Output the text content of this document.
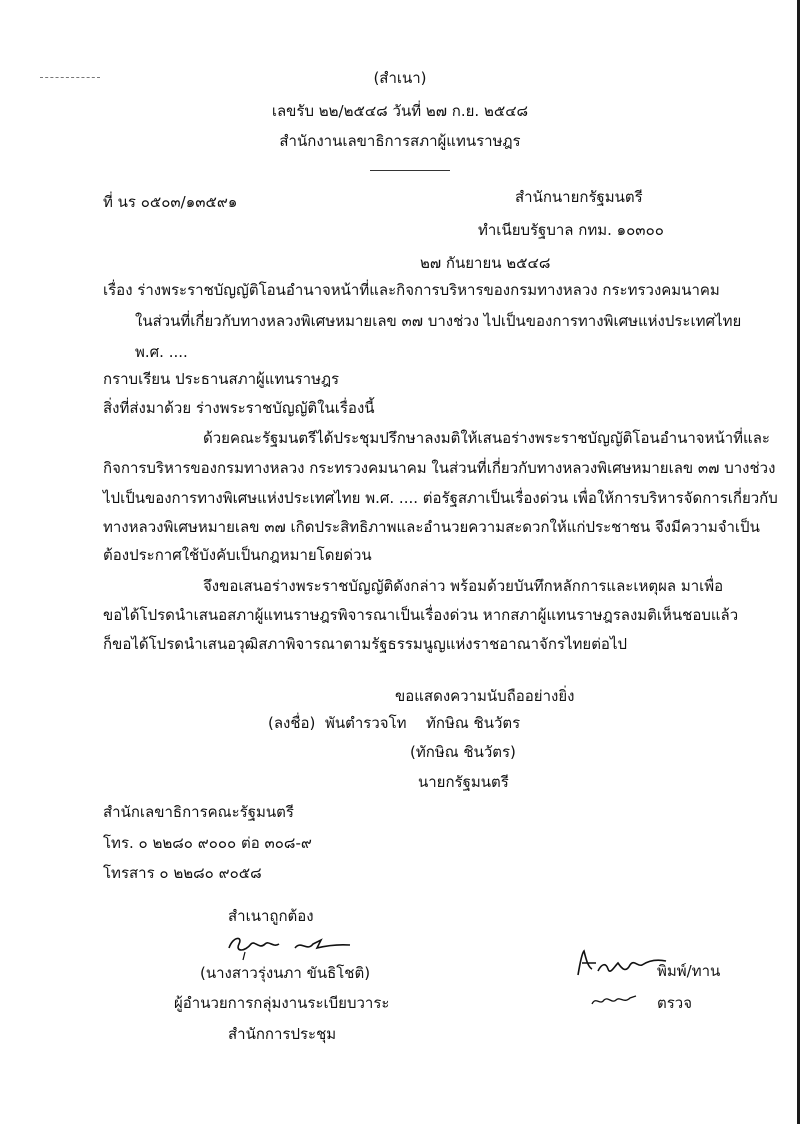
(สำเนา)
เลขรับ ๒๒/๒๕๔๘ วันที่ ๒๗ ก.ย. ๒๕๔๘
สำนักงานเลขาธิการสภาผู้แทนราษฎร
ที่ นร ๐๕๐๓/๑๓๕๙๑	สำนักนายกรัฐมนตรี
ทำเนียบรัฐบาล กทม. ๑๐๓๐๐
๒๗ กันยายน ๒๕๔๘
เรื่อง ร่างพระราชบัญญัติโอนอำนาจหน้าที่และกิจการบริหารของกรมทางหลวง กระทรวงคมนาคม
ในส่วนที่เกี่ยวกับทางหลวงพิเศษหมายเลข ๓๗ บางช่วง ไปเป็นของการทางพิเศษแห่งประเทศไทย
พ.ศ. ....
กราบเรียน ประธานสภาผู้แทนราษฎร
สิ่งที่ส่งมาด้วย ร่างพระราชบัญญัติในเรื่องนี้
ด้วยคณะรัฐมนตรีได้ประชุมปรึกษาลงมติให้เสนอร่างพระราชบัญญัติโอนอำนาจหน้าที่และ
กิจการบริหารของกรมทางหลวง กระทรวงคมนาคม ในส่วนที่เกี่ยวกับทางหลวงพิเศษหมายเลข ๓๗ บางช่วง
ไปเป็นของการทางพิเศษแห่งประเทศไทย พ.ศ. .... ต่อรัฐสภาเป็นเรื่องด่วน เพื่อให้การบริหารจัดการเกี่ยวกับ
ทางหลวงพิเศษหมายเลข ๓๗ เกิดประสิทธิภาพและอำนวยความสะดวกให้แก่ประชาชน จึงมีความจำเป็น
ต้องประกาศใช้บังคับเป็นกฎหมายโดยด่วน
จึงขอเสนอร่างพระราชบัญญัติดังกล่าว พร้อมด้วยบันทึกหลักการและเหตุผล มาเพื่อ
ขอได้โปรดนำเสนอสภาผู้แทนราษฎรพิจารณาเป็นเรื่องด่วน หากสภาผู้แทนราษฎรลงมติเห็นชอบแล้ว
ก็ขอได้โปรดนำเสนอวุฒิสภาพิจารณาตามรัฐธรรมนูญแห่งราชอาณาจักรไทยต่อไป
ขอแสดงความนับถืออย่างยิ่ง
(ลงชื่อ) พันตำรวจโท ทักษิณ ชินวัตร
(ทักษิณ ชินวัตร)
นายกรัฐมนตรี
สำนักเลขาธิการคณะรัฐมนตรี
โทร. ๐ ๒๒๘๐ ๙๐๐๐ ต่อ ๓๐๘-๙
โทรสาร ๐ ๒๒๘๐ ๙๐๕๘
สำเนาถูกต้อง
(นางสาวรุ่งนภา ขันธิโชติ)
ผู้อำนวยการกลุ่มงานระเบียบวาระ
สำนักการประชุม
พิมพ์/ทาน
ตรวจ
